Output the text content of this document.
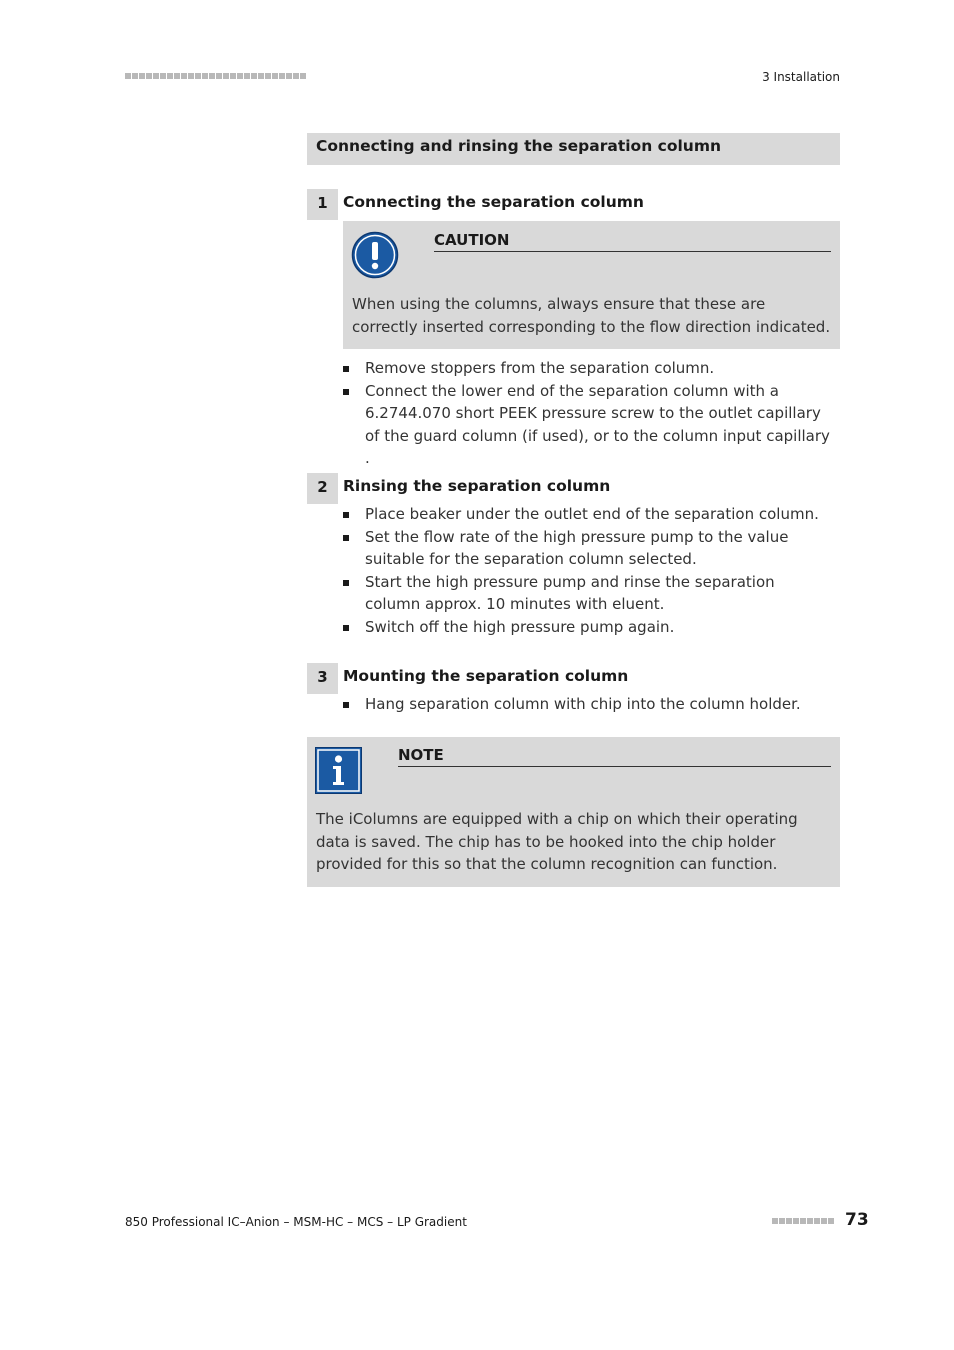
3 Installation
Connecting and rinsing the separation column
1 Connecting the separation column
CAUTION
When using the columns, always ensure that these are correctly inserted corresponding to the flow direction indicated.
Remove stoppers from the separation column.
Connect the lower end of the separation column with a 6.2744.070 short PEEK pressure screw to the outlet capillary of the guard column (if used), or to the column input capillary .
2 Rinsing the separation column
Place beaker under the outlet end of the separation column.
Set the flow rate of the high pressure pump to the value suitable for the separation column selected.
Start the high pressure pump and rinse the separation column approx. 10 minutes with eluent.
Switch off the high pressure pump again.
3 Mounting the separation column
Hang separation column with chip into the column holder.
NOTE
The iColumns are equipped with a chip on which their operating data is saved. The chip has to be hooked into the chip holder provided for this so that the column recognition can function.
850 Professional IC–Anion – MSM-HC – MCS – LP Gradient	73
